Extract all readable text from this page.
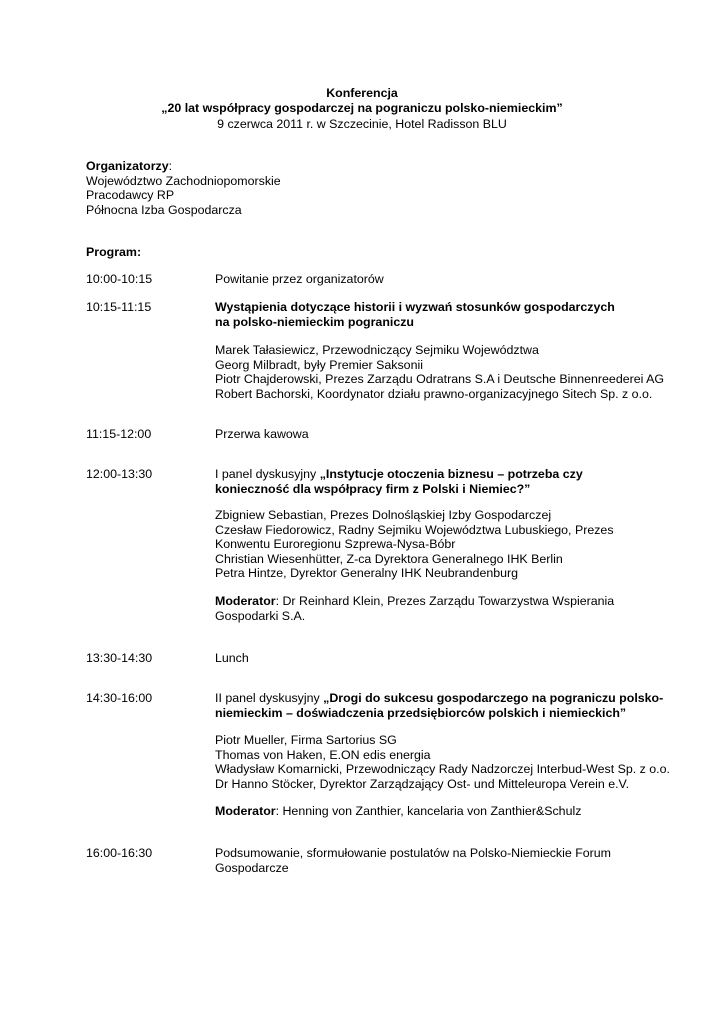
Konferencja
„20 lat współpracy gospodarczej na pograniczu polsko-niemieckim”
9 czerwca 2011 r. w Szczecinie, Hotel Radisson BLU
Organizatorzy:
Województwo Zachodniopomorskie
Pracodawcy RP
Północna Izba Gospodarcza
Program:
10:00-10:15	Powitanie przez organizatorów
10:15-11:15	Wystąpienia dotyczące historii i wyzwań stosunków gospodarczych
na polsko-niemieckim pograniczu
Marek Tałasiewicz, Przewodniczący Sejmiku Województwa
Georg Milbradt, były Premier Saksonii
Piotr Chajderowski, Prezes Zarządu Odratrans S.A i Deutsche Binnenreederei AG
Robert Bachorski, Koordynator działu prawno-organizacyjnego Sitech Sp. z o.o.
11:15-12:00	Przerwa kawowa
12:00-13:30	I panel dyskusyjny „Instytucje otoczenia biznesu – potrzeba czy
konieczność dla współpracy firm z Polski i Niemiec?”
Zbigniew Sebastian, Prezes Dolnośląskiej Izby Gospodarczej
Czesław Fiedorowicz, Radny Sejmiku Województwa Lubuskiego, Prezes
Konwentu Euroregionu Szprewa-Nysa-Bóbr
Christian Wiesenhütter, Z-ca Dyrektora Generalnego IHK Berlin
Petra Hintze, Dyrektor Generalny IHK Neubrandenburg
Moderator: Dr Reinhard Klein, Prezes Zarządu Towarzystwa Wspierania
Gospodarki S.A.
13:30-14:30	Lunch
14:30-16:00	II panel dyskusyjny „Drogi do sukcesu gospodarczego na pograniczu polsko-
niemieckim – doświadczenia przedsiębiorców polskich i niemieckich”
Piotr Mueller, Firma Sartorius SG
Thomas von Haken, E.ON edis energia
Władysław Komarnicki, Przewodniczący Rady Nadzorczej Interbud-West Sp. z o.o.
Dr Hanno Stöcker, Dyrektor Zarządzający Ost- und Mitteleuropa Verein e.V.
Moderator: Henning von Zanthier, kancelaria von Zanthier&Schulz
16:00-16:30	Podsumowanie, sformułowanie postulatów na Polsko-Niemieckie Forum
Gospodarcze
